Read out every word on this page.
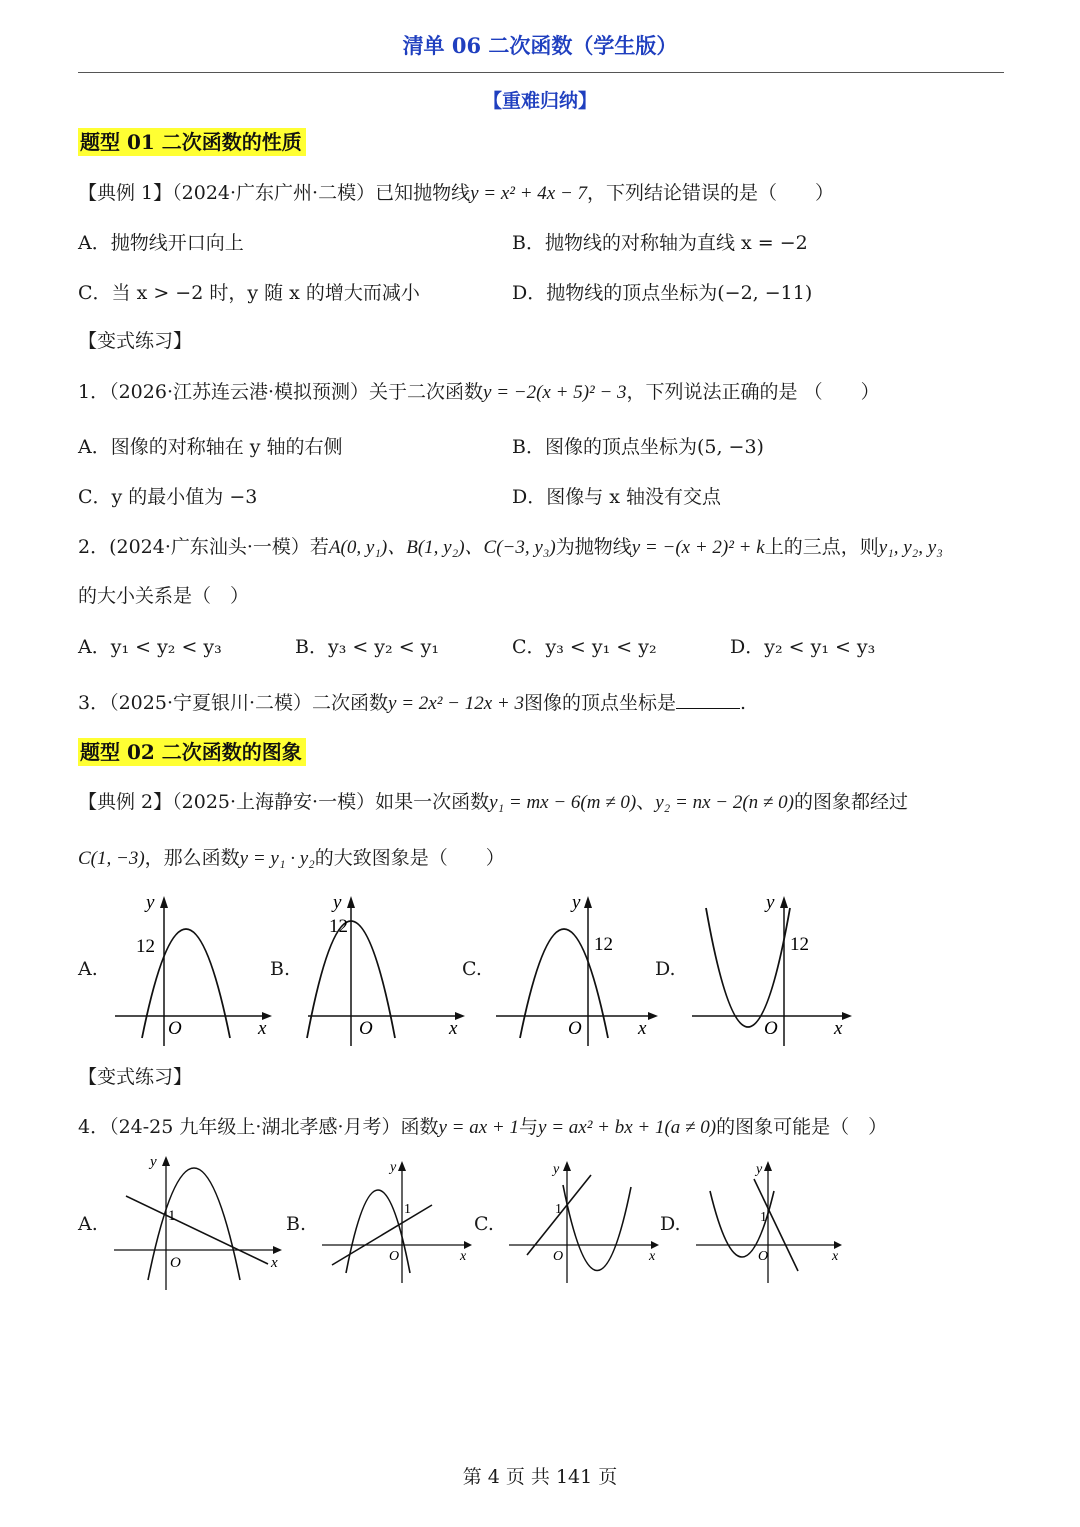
清单 06 二次函数（学生版）
【重难归纳】
题型 01 二次函数的性质
【典例 1】（2024·广东广州·二模）已知抛物线y = x² + 4x − 7，下列结论错误的是（　　）
A．抛物线开口向上	B．抛物线的对称轴为直线 x = −2
C．当 x > −2 时，y 随 x 的增大而减小	D．抛物线的顶点坐标为(−2, −11)
【变式练习】
1．（2026·江苏连云港·模拟预测）关于二次函数y = −2(x + 5)² − 3，下列说法正确的是 （　　）
A．图像的对称轴在 y 轴的右侧	B．图像的顶点坐标为(5, −3)
C．y 的最小值为 −3	D．图像与 x 轴没有交点
2．(2024·广东汕头·一模）若A(0, y₁)、B(1, y₂)、C(−3, y₃)为抛物线y = −(x + 2)² + k上的三点，则y₁, y₂, y₃
的大小关系是（　）
A．y₁ < y₂ < y₃	B．y₃ < y₂ < y₁	C．y₃ < y₁ < y₂	D．y₂ < y₁ < y₃
3．（2025·宁夏银川·二模）二次函数y = 2x² − 12x + 3图像的顶点坐标是	.
题型 02 二次函数的图象
【典例 2】（2025·上海静安·一模）如果一次函数y₁ = mx − 6(m ≠ 0)、y₂ = nx − 2(n ≠ 0)的图象都经过
C(1, −3)，那么函数y = y₁ · y₂的大致图象是（　　）
A.	B.	C.	D.
y
12
O	x
y
12
O	x
y
12
O	x
y
12
O	x
【变式练习】
4．（24-25 九年级上·湖北孝感·月考）函数y = ax + 1与y = ax² + bx + 1(a ≠ 0)的图象可能是（　）
A.	B.	C.	D.
y
1
O	x
y
1
O	x
y
1
O	x
y
1
O	x
第 4 页 共 141 页
